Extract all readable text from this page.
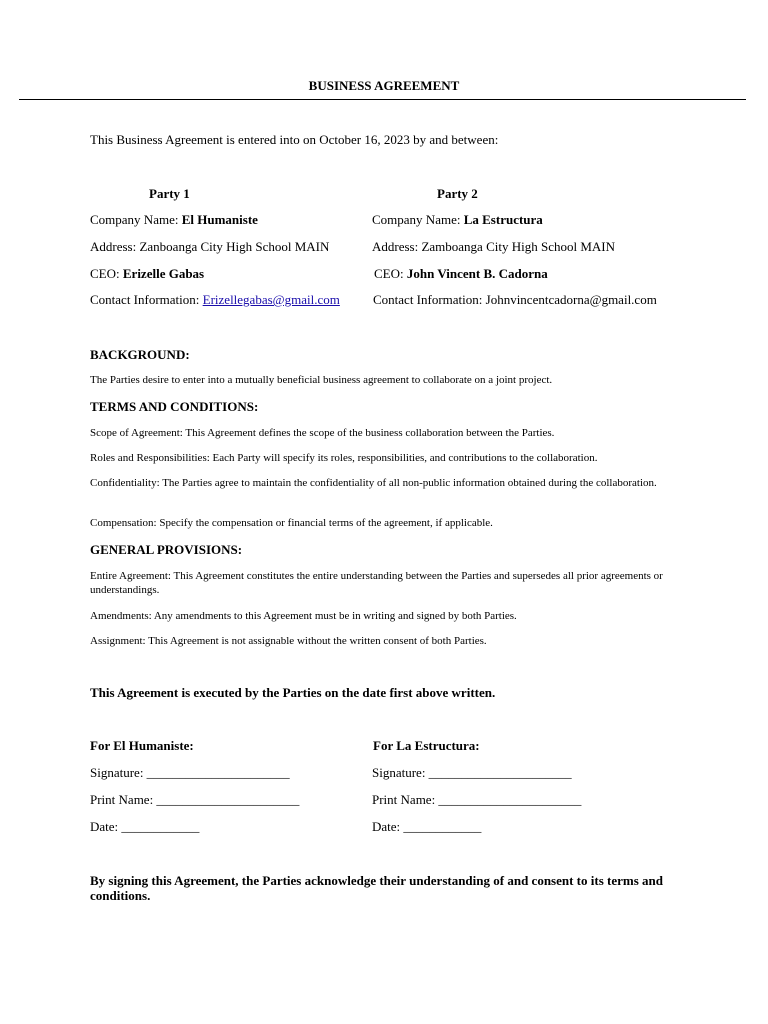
BUSINESS AGREEMENT
This Business Agreement is entered into on October 16, 2023 by and between:
Party 1
Company Name: El Humaniste
Address: Zanboanga City High School MAIN
CEO: Erizelle Gabas
Contact Information: Erizellegabas@gmail.com
Party 2
Company Name: La Estructura
Address: Zamboanga City High School MAIN
CEO: John Vincent B. Cadorna
Contact Information: Johnvincentcadorna@gmail.com
BACKGROUND:
The Parties desire to enter into a mutually beneficial business agreement to collaborate on a joint project.
TERMS AND CONDITIONS:
Scope of Agreement: This Agreement defines the scope of the business collaboration between the Parties.
Roles and Responsibilities: Each Party will specify its roles, responsibilities, and contributions to the collaboration.
Confidentiality: The Parties agree to maintain the confidentiality of all non-public information obtained during the collaboration.
Compensation: Specify the compensation or financial terms of the agreement, if applicable.
GENERAL PROVISIONS:
Entire Agreement: This Agreement constitutes the entire understanding between the Parties and supersedes all prior agreements or understandings.
Amendments: Any amendments to this Agreement must be in writing and signed by both Parties.
Assignment: This Agreement is not assignable without the written consent of both Parties.
This Agreement is executed by the Parties on the date first above written.
For El Humaniste:
Signature: ______________________
Print Name: ______________________
Date: ____________
For La Estructura:
Signature: ______________________
Print Name: ______________________
Date: ____________
By signing this Agreement, the Parties acknowledge their understanding of and consent to its terms and conditions.
